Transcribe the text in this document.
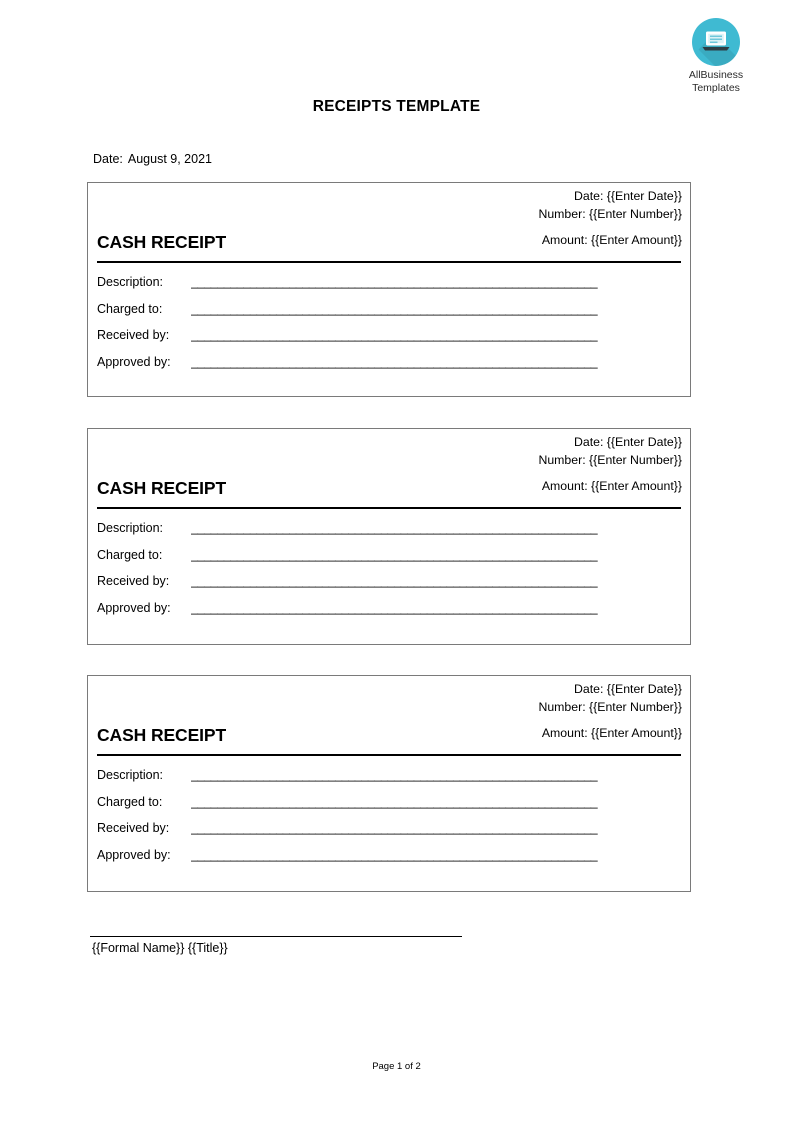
AllBusiness
Templates
RECEIPTS TEMPLATE
Date: August 9, 2021
CASH RECEIPT
Date: {{Enter Date}}
Number: {{Enter Number}}
Amount: {{Enter Amount}}
Description:	______________________________________________________________
Charged to:	______________________________________________________________
Received by:	______________________________________________________________
Approved by:	______________________________________________________________
CASH RECEIPT
Date: {{Enter Date}}
Number: {{Enter Number}}
Amount: {{Enter Amount}}
Description:	______________________________________________________________
Charged to:	______________________________________________________________
Received by:	______________________________________________________________
Approved by:	______________________________________________________________
CASH RECEIPT
Date: {{Enter Date}}
Number: {{Enter Number}}
Amount: {{Enter Amount}}
Description:	______________________________________________________________
Charged to:	______________________________________________________________
Received by:	______________________________________________________________
Approved by:	______________________________________________________________
{{Formal Name}} {{Title}}
Page 1 of 2
